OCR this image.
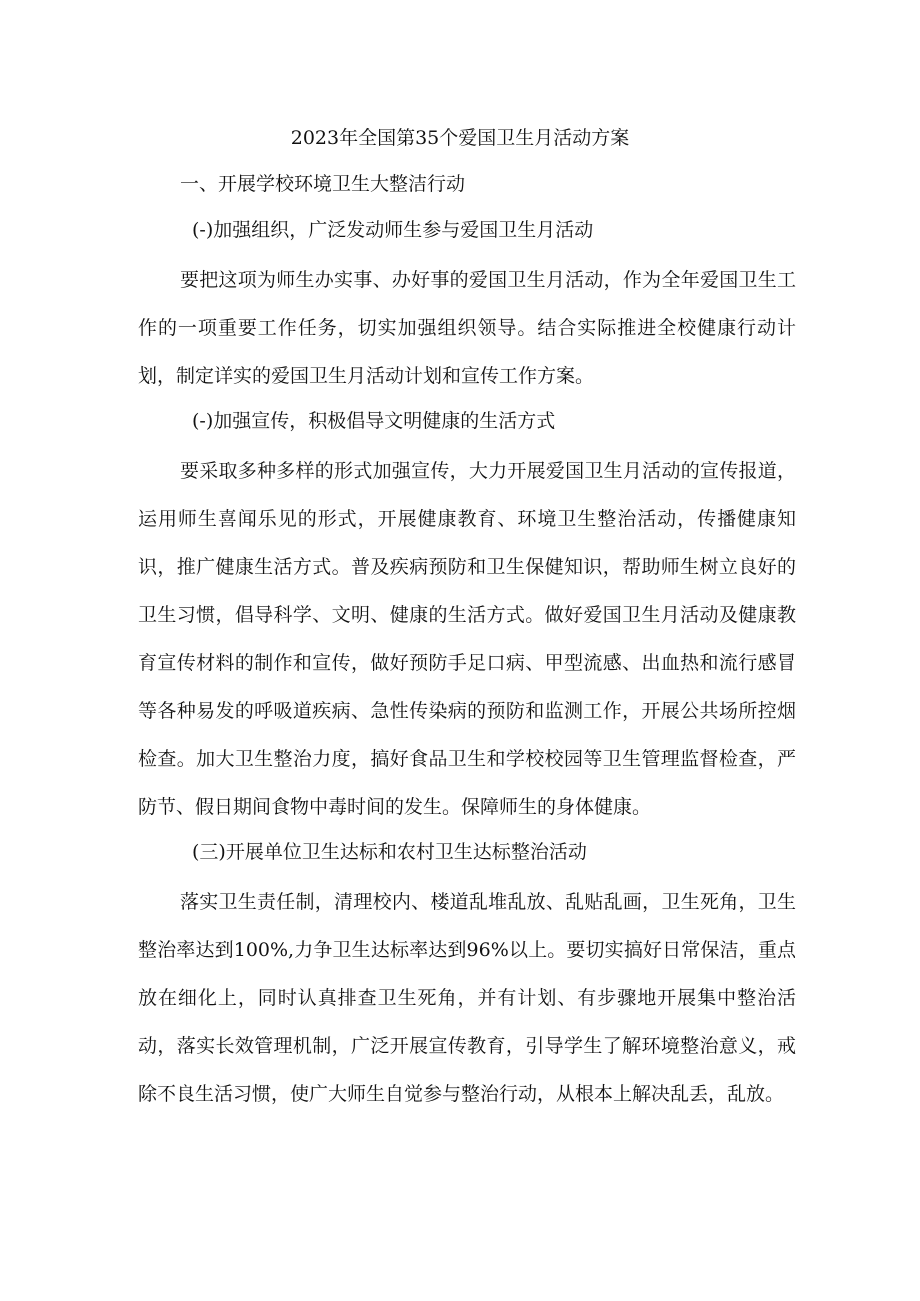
2023年全国第35个爱国卫生月活动方案
一、开展学校环境卫生大整洁行动
(-)加强组织，广泛发动师生参与爱国卫生月活动

要把这项为师生办实事、办好事的爱国卫生月活动，作为全年爱国卫生工作的一项重要工作任务，切实加强组织领导。结合实际推进全校健康行动计划，制定详实的爱国卫生月活动计划和宣传工作方案。

(-)加强宣传，积极倡导文明健康的生活方式

要采取多种多样的形式加强宣传，大力开展爱国卫生月活动的宣传报道，运用师生喜闻乐见的形式，开展健康教育、环境卫生整治活动，传播健康知识，推广健康生活方式。普及疾病预防和卫生保健知识，帮助师生树立良好的卫生习惯，倡导科学、文明、健康的生活方式。做好爱国卫生月活动及健康教育宣传材料的制作和宣传，做好预防手足口病、甲型流感、出血热和流行感冒等各种易发的呼吸道疾病、急性传染病的预防和监测工作，开展公共场所控烟检查。加大卫生整治力度，搞好食品卫生和学校校园等卫生管理监督检查，严防节、假日期间食物中毒时间的发生。保障师生的身体健康。

(三)开展单位卫生达标和农村卫生达标整治活动

落实卫生责任制，清理校内、楼道乱堆乱放、乱贴乱画，卫生死角，卫生整治率达到100%,力争卫生达标率达到96%以上。要切实搞好日常保洁，重点放在细化上，同时认真排查卫生死角，并有计划、有步骤地开展集中整治活动，落实长效管理机制，广泛开展宣传教育，引导学生了解环境整治意义，戒除不良生活习惯，使广大师生自觉参与整治行动，从根本上解决乱丢，乱放。
